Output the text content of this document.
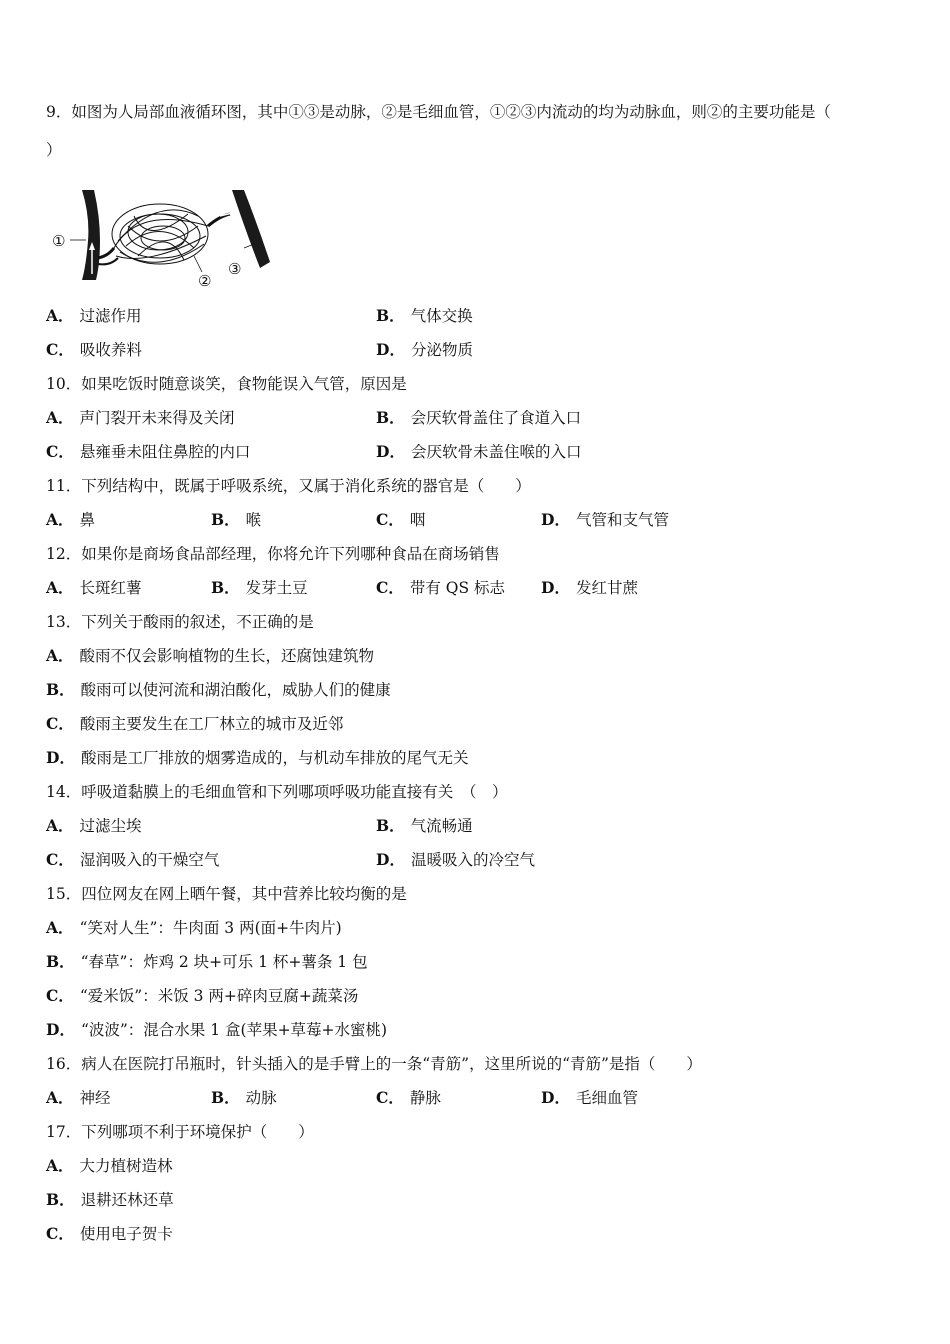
9．如图为人局部血液循环图，其中①③是动脉，②是毛细血管，①②③内流动的均为动脉血，则②的主要功能是（
）
①
②
③
A． 过滤作用	B． 气体交换
C． 吸收养料	D． 分泌物质
10．如果吃饭时随意谈笑，食物能误入气管，原因是
A． 声门裂开未来得及关闭	B． 会厌软骨盖住了食道入口
C． 悬雍垂未阻住鼻腔的内口	D． 会厌软骨未盖住喉的入口
11．下列结构中，既属于呼吸系统，又属于消化系统的器官是（　　）
A． 鼻	B． 喉	C． 咽	D． 气管和支气管
12．如果你是商场食品部经理，你将允许下列哪种食品在商场销售
A． 长斑红薯	B． 发芽土豆	C． 带有 QS 标志 D． 发红甘蔗
13．下列关于酸雨的叙述，不正确的是
A． 酸雨不仅会影响植物的生长，还腐蚀建筑物
B． 酸雨可以使河流和湖泊酸化，威胁人们的健康
C． 酸雨主要发生在工厂林立的城市及近邻
D． 酸雨是工厂排放的烟雾造成的，与机动车排放的尾气无关
14．呼吸道黏膜上的毛细血管和下列哪项呼吸功能直接有关　（　）
A． 过滤尘埃	B． 气流畅通
C． 湿润吸入的干燥空气	D． 温暖吸入的冷空气
15．四位网友在网上晒午餐，其中营养比较均衡的是
A． “笑对人生”：牛肉面 3 两(面+牛肉片)
B． “春草”：炸鸡 2 块+可乐 1 杯+薯条 1 包
C． “爱米饭”：米饭 3 两+碎肉豆腐+蔬菜汤
D． “波波”：混合水果 1 盒(苹果+草莓+水蜜桃)
16．病人在医院打吊瓶时，针头插入的是手臂上的一条“青筋”，这里所说的“青筋”是指（　　）
A． 神经	B． 动脉	C． 静脉	D． 毛细血管
17．下列哪项不利于环境保护（　　）
A． 大力植树造林
B． 退耕还林还草
C． 使用电子贺卡
